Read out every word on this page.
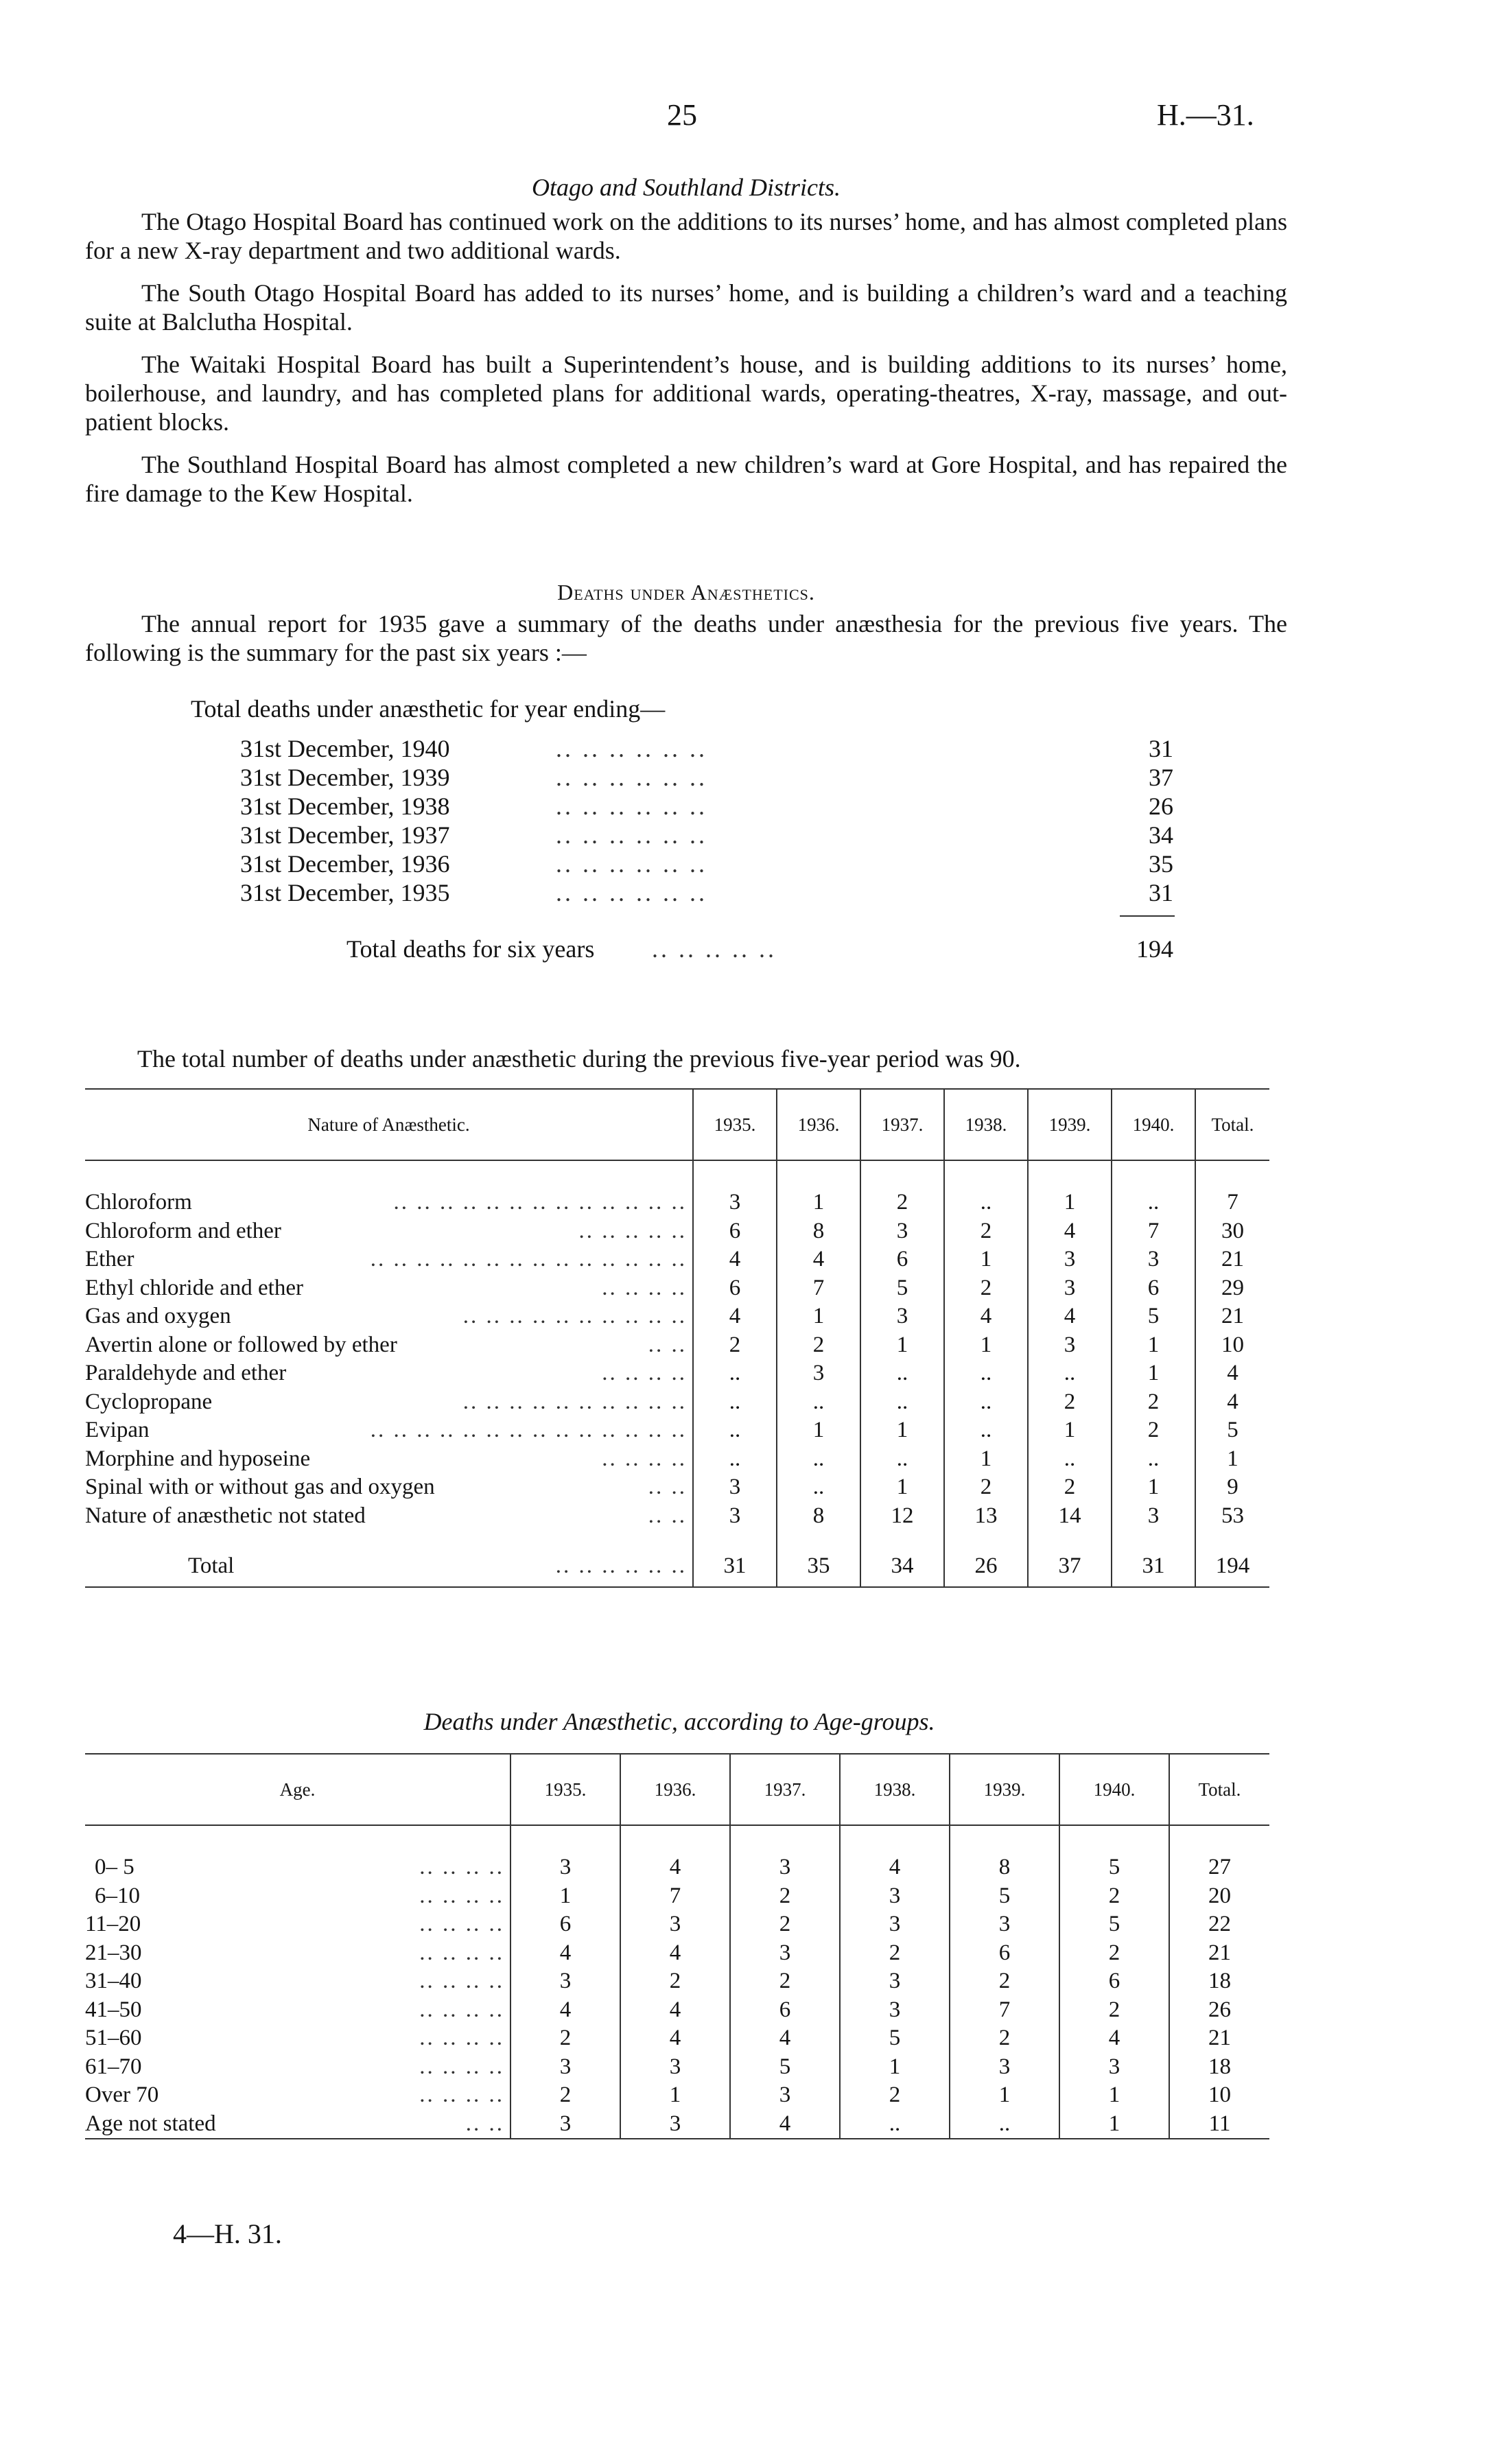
25	H.—31.
Otago and Southland Districts.

The Otago Hospital Board has continued work on the additions to its nurses’ home, and has almost completed plans for a new X-ray department and two additional wards.

The South Otago Hospital Board has added to its nurses’ home, and is building a children’s ward and a teaching suite at Balclutha Hospital.

The Waitaki Hospital Board has built a Superintendent’s house, and is building additions to its nurses’ home, boilerhouse, and laundry, and has completed plans for additional wards, operating-theatres, X-ray, massage, and out-patient blocks.

The Southland Hospital Board has almost completed a new children’s ward at Gore Hospital, and has repaired the fire damage to the Kew Hospital.

Deaths under Anæsthetics.

The annual report for 1935 gave a summary of the deaths under anæsthesia for the previous five years. The following is the summary for the past six years :—

Total deaths under anæsthetic for year ending—
31st December, 1940	.. .. .. .. .. ..	31
31st December, 1939	.. .. .. .. .. ..	37
31st December, 1938	.. .. .. .. .. ..	26
31st December, 1937	.. .. .. .. .. ..	34
31st December, 1936	.. .. .. .. .. ..	35
31st December, 1935	.. .. .. .. .. ..	31
Total deaths for six years .. .. .. .. ..	194
The total number of deaths under anæsthetic during the previous five-year period was 90.
Nature of Anæsthetic.	1935.	1936.	1937.	1938.	1939.	1940.	Total.

Chloroform .. .. .. .. .. .. .. .. .. .. .. .. ..	3	1	2	..	1	..	7
Chloroform and ether .. .. .. .. ..	6	8	3	2	4	7	30
Ether .. .. .. .. .. .. .. .. .. .. .. .. .. ..	4	4	6	1	3	3	21
Ethyl chloride and ether .. .. .. ..	6	7	5	2	3	6	29
Gas and oxygen .. .. .. .. .. .. .. .. .. ..	4	1	3	4	4	5	21
Avertin alone or followed by ether .. ..	2	2	1	1	3	1	10
Paraldehyde and ether .. .. .. ..	..	3	..	..	..	1	4
Cyclopropane .. .. .. .. .. .. .. .. .. ..	..	..	..	..	2	2	4
Evipan .. .. .. .. .. .. .. .. .. .. .. .. .. ..	..	1	1	..	1	2	5
Morphine and hyposeine .. .. .. ..	..	..	..	1	..	..	1
Spinal with or without gas and oxygen .. ..	3	..	1	2	2	1	9
Nature of anæsthetic not stated .. ..	3	8	12	13	14	3	53

Total .. .. .. .. .. ..	31	35	34	26	37	31	194
Deaths under Anæsthetic, according to Age-groups.
Age.	1935.	1936.	1937.	1938.	1939.	1940.	Total.

0– 5 .. .. .. ..	3	4	3	4	8	5	27
6–10 .. .. .. ..	1	7	2	3	5	2	20
11–20 .. .. .. ..	6	3	2	3	3	5	22
21–30 .. .. .. ..	4	4	3	2	6	2	21
31–40 .. .. .. ..	3	2	2	3	2	6	18
41–50 .. .. .. ..	4	4	6	3	7	2	26
51–60 .. .. .. ..	2	4	4	5	2	4	21
61–70 .. .. .. ..	3	3	5	1	3	3	18
Over 70 .. .. .. ..	2	1	3	2	1	1	10
Age not stated .. ..	3	3	4	..	..	1	11
4—H. 31.
